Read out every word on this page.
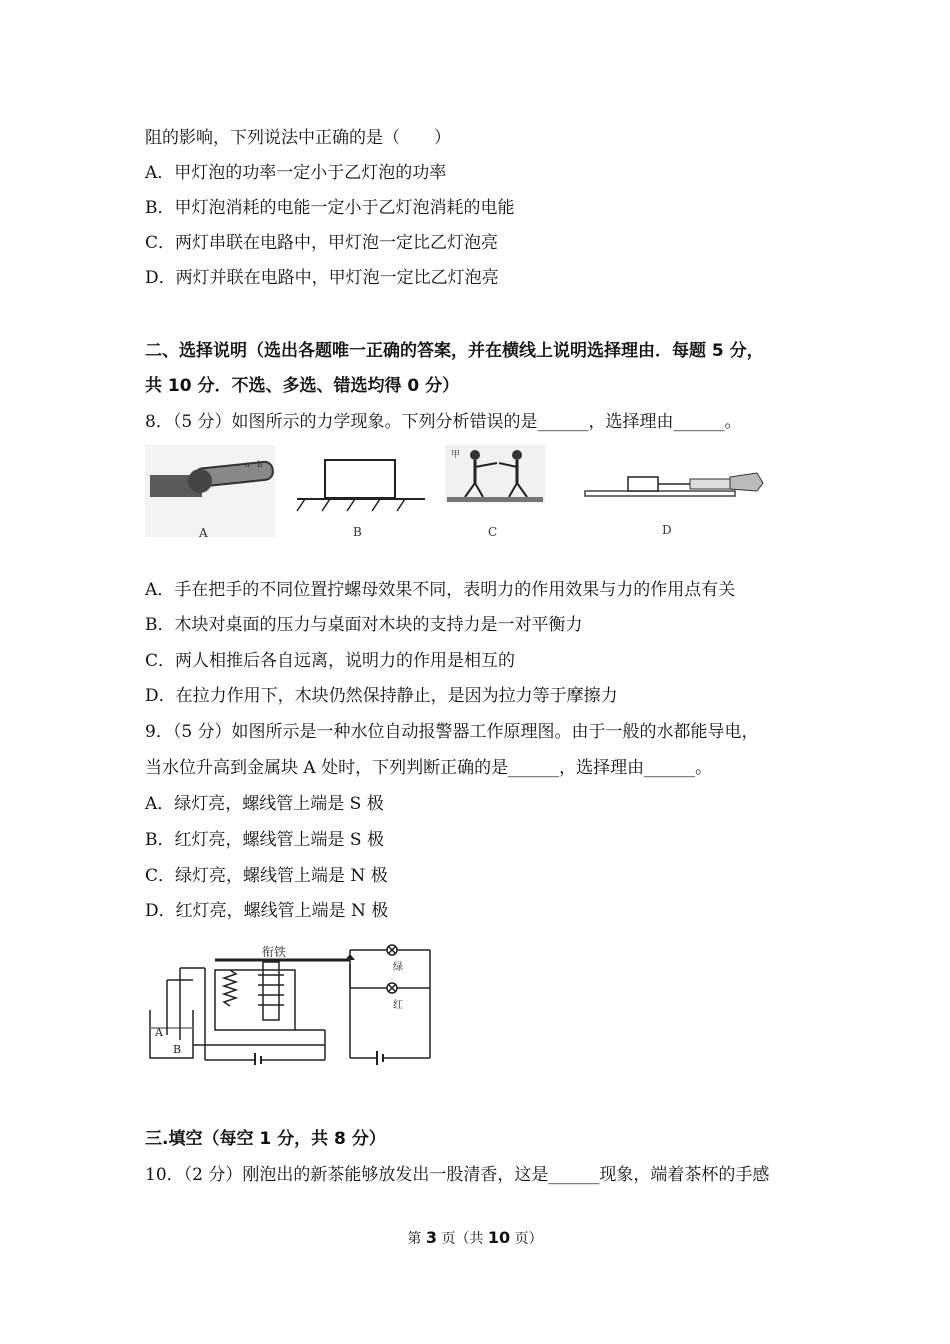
阻的影响，下列说法中正确的是（　　）
A．甲灯泡的功率一定小于乙灯泡的功率
B．甲灯泡消耗的电能一定小于乙灯泡消耗的电能
C．两灯串联在电路中，甲灯泡一定比乙灯泡亮
D．两灯并联在电路中，甲灯泡一定比乙灯泡亮
二、选择说明（选出各题唯一正确的答案，并在横线上说明选择理由．每题 5 分，
共 10 分．不选、多选、错选均得 0 分）
8．（5 分）如图所示的力学现象。下列分析错误的是______，选择理由______。
a b
甲
A	B	C	D
A．手在把手的不同位置拧螺母效果不同，表明力的作用效果与力的作用点有关
B．木块对桌面的压力与桌面对木块的支持力是一对平衡力
C．两人相推后各自远离，说明力的作用是相互的
D．在拉力作用下，木块仍然保持静止，是因为拉力等于摩擦力
9．（5 分）如图所示是一种水位自动报警器工作原理图。由于一般的水都能导电，
当水位升高到金属块 A 处时，下列判断正确的是______，选择理由______。
A．绿灯亮，螺线管上端是 S 极
B．红灯亮，螺线管上端是 S 极
C．绿灯亮，螺线管上端是 N 极
D．红灯亮，螺线管上端是 N 极
衔铁
绿
红
A
B
三.填空（每空 1 分，共 8 分）
10．（2 分）刚泡出的新茶能够放发出一股清香，这是______现象，端着茶杯的手感
第 3 页（共 10 页）
